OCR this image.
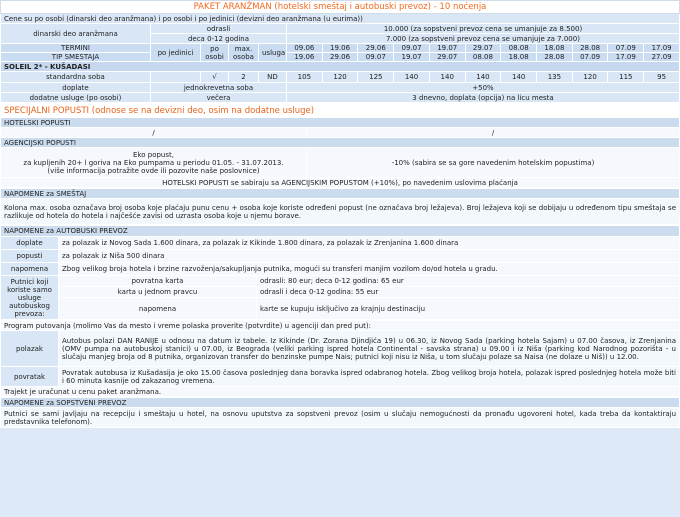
PAKET ARANŽMAN (hotelski smeštaj i autobuski prevoz) - 10 noćenja															
Cene su po osobi (dinarski deo aranžmana) i po osobi i po jedinici (devizni deo aranžmana (u eurima))															
dinarski deo aranžmana	odrasli				10.000 (za sopstveni prevoz cena se umanjuje za 8.500)										
	deca 0-12 godina				7.000 (za sopstveni prevoz cena se umanjuje za 7.000)										
TERMINI	po jedinici	po osobi	max. osoba	usluga	09.06	19.06	29.06	09.07	19.07	29.07	08.08	18.08	28.08	07.09	17.09
TIP SMEŠTAJA					19.06	29.06	09.07	19.07	29.07	08.08	18.08	28.08	07.09	17.09	27.09
SOLEIL 2* - KUŠADASI															
standardna soba		√	2	ND	105	120	125	140	140	140	140	135	120	115	95
doplate	jednokrevetna soba				+50%										
dodatne usluge (po osobi)	večera				3 dnevno, doplata (opcija) na licu mesta										
SPECIJALNI POPUSTI (odnose se na devizni deo, osim na dodatne usluge)	
HOTELSKI POPUSTI	
/	/
AGENCIJSKI POPUSTI	

Eko popust,
za kupljenih 20+ l goriva na Eko pumpama u periodu 01.05. - 31.07.2013.
(više informacija potražite ovde ili pozovite naše poslovnice)	-10% (sabira se sa gore navedenim hotelskim popustima)
HOTELSKI POPUSTI se sabiraju sa AGENCIJSKIM POPUSTOM (+10%), po navedenim uslovima plaćanja	
NAPOMENE za SMEŠTAJ
Kolona max. osoba označava broj osoba koje plaćaju punu cenu + osoba koje koriste određeni popust (ne označava broj ležajeva). Broj ležajeva koji se dobijaju u određenom tipu smeštaja se razlikuje od hotela do hotela i najčešće zavisi od uzrasta osoba koje u njemu borave.
NAPOMENE za AUTOBUSKI PREVOZ		
doplate	za polazak iz Novog Sada 1.600 dinara, za polazak iz Kikinde 1.800 dinara, za polazak iz Zrenjanina 1.600 dinara	
popusti	za polazak iz Niša 500 dinara	
napomena	Zbog velikog broja hotela i brzine razvoženja/sakupljanja putnika, mogući su transferi manjim vozilom do/od hotela u gradu.	
Putnici koji koriste samo usluge autobuskog prevoza:	povratna karta	odrasli: 80 eur; deca 0-12 godina: 65 eur
	karta u jednom pravcu	odrasli i deca 0-12 godina: 55 eur
	napomena	karte se kupuju isključivo za krajnju destinaciju
Program putovanja (molimo Vas da mesto i vreme polaska proverite (potvrdite) u agenciji dan pred put):	
polazak	Autobus polazi DAN RANIJE u odnosu na datum iz tabele. Iz Kikinde (Dr. Zorana Djindjića 19) u 06.30, iz Novog Sada (parking hotela Sajam) u 07.00 časova, iz Zrenjanina (OMV pumpa na autobuskoj stanici) u 07.00, iz Beograda (veliki parking ispred hotela Continental - savska strana) u 09.00 i iz Niša (parking kod Narodnog pozorišta - u slučaju manjeg broja od 8 putnika, organizovan transfer do benzinske pumpe Nais; putnici koji nisu iz Niša, u tom slučaju polaze sa Naisa (ne dolaze u Niš)) u 12.00.
povratak	Povratak autobusa iz Kušadasija je oko 15.00 časova poslednjeg dana boravka ispred odabranog hotela. Zbog velikog broja hotela, polazak ispred poslednjeg hotela može biti i 60 minuta kasnije od zakazanog vremena.
Trajekt je uračunat u cenu paket aranžmana.	
NAPOMENE za SOPSTVENI PREVOZ
Putnici se sami javljaju na recepciju i smeštaju u hotel, na osnovu uputstva za sopstveni prevoz (osim u slučaju nemogućnosti da pronađu ugovoreni hotel, kada treba da kontaktiraju predstavnika telefonom).
